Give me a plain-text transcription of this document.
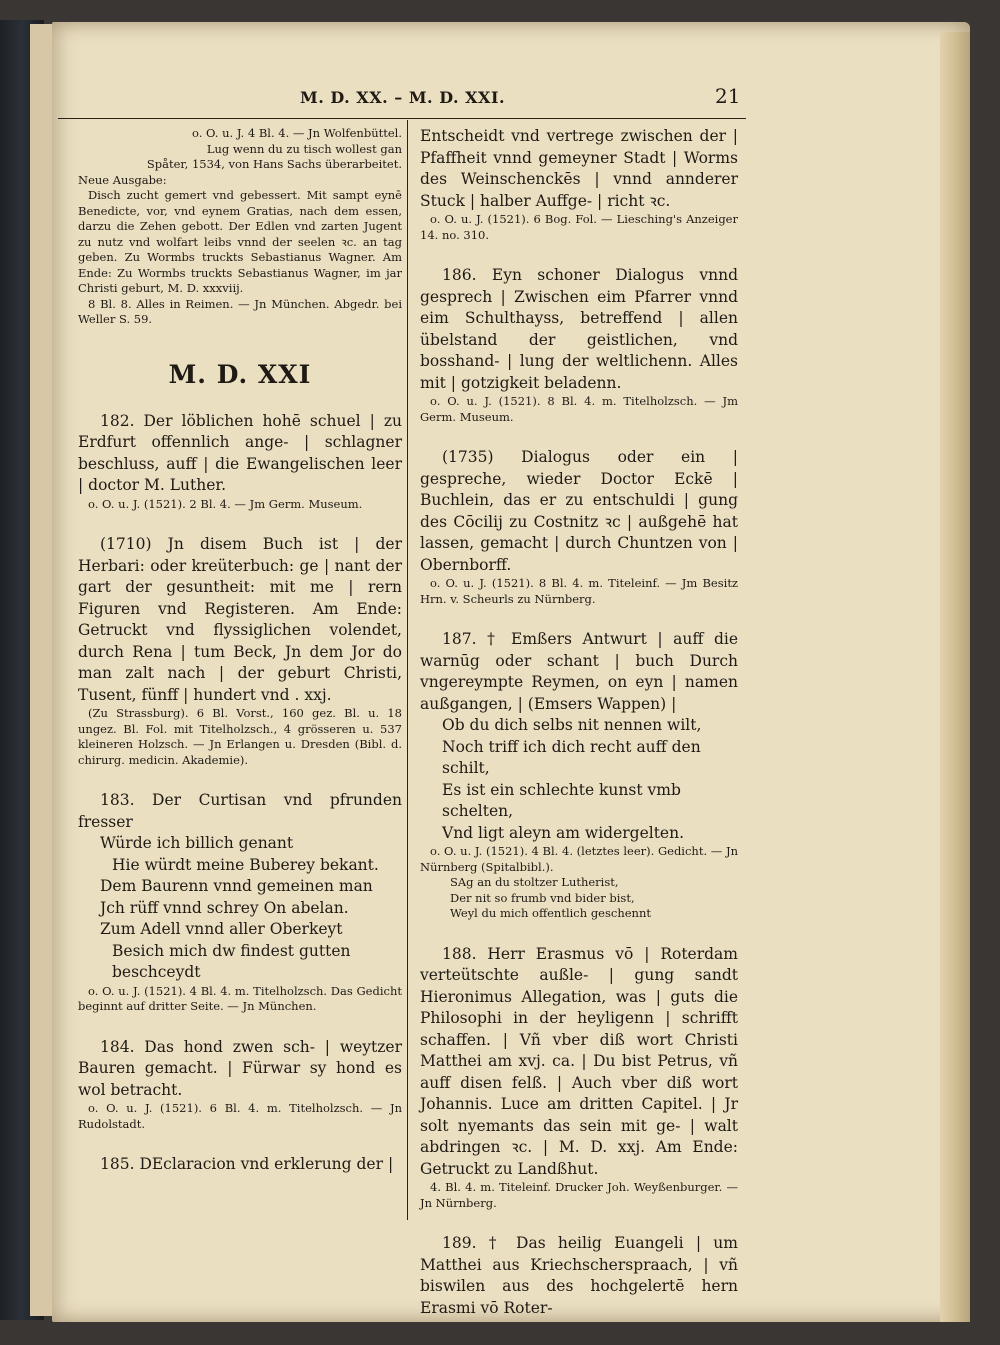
M. D. XX. – M. D. XXI.	21

o. O. u. J. 4 Bl. 4. — Jn Wolfenbüttel.

Lug wenn du zu tisch wollest gan

Spåter, 1534, von Hans Sachs überarbeitet.

Neue Ausgabe:

Disch zucht gemert vnd gebessert. Mit sampt eynē Benedicte, vor, vnd eynem Gratias, nach dem essen, darzu die Zehen gebott. Der Edlen vnd zarten Jugent zu nutz vnd wolfart leibs vnnd der seelen ꝛc. an tag geben. Zu Wormbs truckts Sebastianus Wagner. Am Ende: Zu Wormbs truckts Sebastianus Wagner, im jar Christi geburt, M. D. xxxviij.

8 Bl. 8. Alles in Reimen. — Jn München. Abgedr. bei Weller S. 59.

M. D. XXI

182. Der löblichen hohē schuel | zu Erdfurt offennlich ange- | schlagner beschluss, auff | die Ewangelischen leer | doctor M. Luther.

o. O. u. J. (1521). 2 Bl. 4. — Jm Germ. Museum.

(1710) Jn disem Buch ist | der Herbari: oder kreüterbuch: ge | nant der gart der gesuntheit: mit me | rern Figuren vnd Registeren. Am Ende: Getruckt vnd flyssiglichen volendet, durch Rena | tum Beck, Jn dem Jor do man zalt nach | der geburt Christi, Tusent, fünff | hundert vnd . xxj.

(Zu Strassburg). 6 Bl. Vorst., 160 gez. Bl. u. 18 ungez. Bl. Fol. mit Titelholzsch., 4 grösseren u. 537 kleineren Holzsch. — Jn Erlangen u. Dresden (Bibl. d. chirurg. medicin. Akademie).

183. Der Curtisan vnd pfrunden fresser

Würde ich billich genant

Hie würdt meine Buberey bekant.

Dem Baurenn vnnd gemeinen man

Jch rüff vnnd schrey On abelan.

Zum Adell vnnd aller Oberkeyt

Besich mich dw findest gutten beschceydt

o. O. u. J. (1521). 4 Bl. 4. m. Titelholzsch. Das Gedicht beginnt auf dritter Seite. — Jn München.

184. Das hond zwen sch- | weytzer Bauren gemacht. | Fürwar sy hond es wol betracht.

o. O. u. J. (1521). 6 Bl. 4. m. Titelholzsch. — Jn Rudolstadt.

185. DEclaracion vnd erklerung der |

Entscheidt vnd vertrege zwischen der | Pfaffheit vnnd gemeyner Stadt | Worms des Weinschenckēs | vnnd annderer Stuck | halber Auffge- | richt ꝛc.

o. O. u. J. (1521). 6 Bog. Fol. — Liesching's Anzeiger 14. no. 310.

186. Eyn schoner Dialogus vnnd gesprech | Zwischen eim Pfarrer vnnd eim Schulthayss, betreffend | allen übelstand der geistlichen, vnd bosshand- | lung der weltlichenn. Alles mit | gotzigkeit beladenn.

o. O. u. J. (1521). 8 Bl. 4. m. Titelholzsch. — Jm Germ. Museum.

(1735) Dialogus oder ein | gespreche, wieder Doctor Eckē | Buchlein, das er zu entschuldi | gung des Cōcilij zu Costnitz ꝛc | außgehē hat lassen, gemacht | durch Chuntzen von | Obernborff.

o. O. u. J. (1521). 8 Bl. 4. m. Titeleinf. — Jm Besitz Hrn. v. Scheurls zu Nürnberg.

187. † Emßers Antwurt | auff die warnūg oder schant | buch Durch vngereympte Reymen, on eyn | namen außgangen, | (Emsers Wappen) |

Ob du dich selbs nit nennen wilt,

Noch triff ich dich recht auff den schilt,

Es ist ein schlechte kunst vmb schelten,

Vnd ligt aleyn am widergelten.

o. O. u. J. (1521). 4 Bl. 4. (letztes leer). Gedicht. — Jn Nürnberg (Spitalbibl.).

SAg an du stoltzer Lutherist,

Der nit so frumb vnd bider bist,

Weyl du mich offentlich geschennt

188. Herr Erasmus vō | Roterdam verteütschte außle- | gung sandt Hieronimus Allegation, was | guts die Philosophi in der heyligenn | schrifft schaffen. | Vñ vber diß wort Christi Matthei am xvj. ca. | Du bist Petrus, vñ auff disen felß. | Auch vber diß wort Johannis. Luce am dritten Capitel. | Jr solt nyemants das sein mit ge- | walt abdringen ꝛc. | M. D. xxj. Am Ende: Getruckt zu Landßhut.

4. Bl. 4. m. Titeleinf. Drucker Joh. Weyßenburger. — Jn Nürnberg.

189. † Das heilig Euangeli | um Matthei aus Kriechscherspraach, | vñ biswilen aus des hochgelertē hern Erasmi vō Roter-
